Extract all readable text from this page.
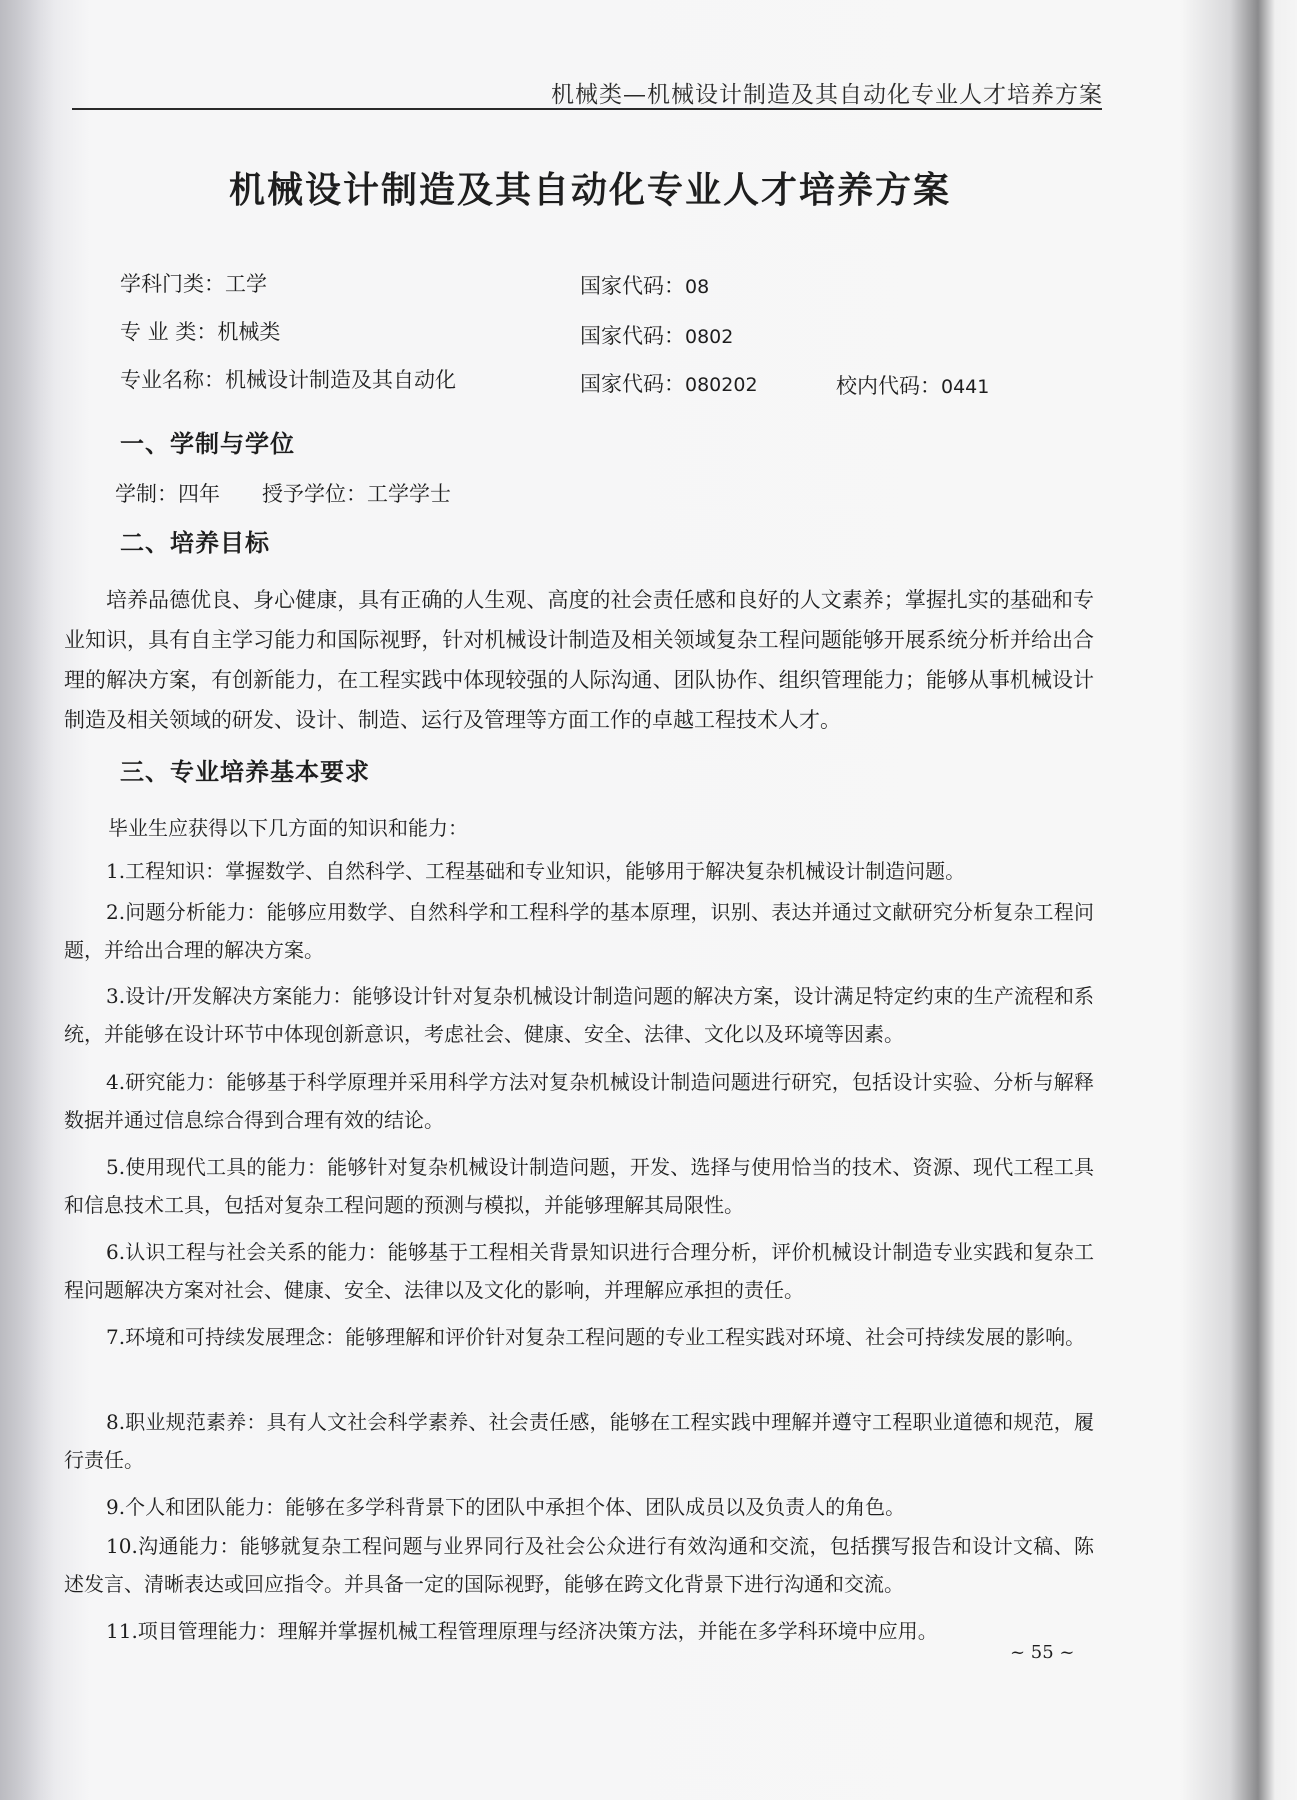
机械类—机械设计制造及其自动化专业人才培养方案
机械设计制造及其自动化专业人才培养方案
学科门类：工学	国家代码：08
专 业 类：机械类	国家代码：0802
专业名称：机械设计制造及其自动化	国家代码：080202	校内代码：0441
一、学制与学位
学制：四年　　授予学位：工学学士
二、培养目标

培养品德优良、身心健康，具有正确的人生观、高度的社会责任感和良好的人文素养；掌握扎实的基础和专业知识，具有自主学习能力和国际视野，针对机械设计制造及相关领域复杂工程问题能够开展系统分析并给出合理的解决方案，有创新能力，在工程实践中体现较强的人际沟通、团队协作、组织管理能力；能够从事机械设计制造及相关领域的研发、设计、制造、运行及管理等方面工作的卓越工程技术人才。

三、专业培养基本要求
毕业生应获得以下几方面的知识和能力：

1.工程知识：掌握数学、自然科学、工程基础和专业知识，能够用于解决复杂机械设计制造问题。

2.问题分析能力：能够应用数学、自然科学和工程科学的基本原理，识别、表达并通过文献研究分析复杂工程问题，并给出合理的解决方案。

3.设计/开发解决方案能力：能够设计针对复杂机械设计制造问题的解决方案，设计满足特定约束的生产流程和系统，并能够在设计环节中体现创新意识，考虑社会、健康、安全、法律、文化以及环境等因素。

4.研究能力：能够基于科学原理并采用科学方法对复杂机械设计制造问题进行研究，包括设计实验、分析与解释数据并通过信息综合得到合理有效的结论。

5.使用现代工具的能力：能够针对复杂机械设计制造问题，开发、选择与使用恰当的技术、资源、现代工程工具和信息技术工具，包括对复杂工程问题的预测与模拟，并能够理解其局限性。

6.认识工程与社会关系的能力：能够基于工程相关背景知识进行合理分析，评价机械设计制造专业实践和复杂工程问题解决方案对社会、健康、安全、法律以及文化的影响，并理解应承担的责任。

7.环境和可持续发展理念：能够理解和评价针对复杂工程问题的专业工程实践对环境、社会可持续发展的影响。

8.职业规范素养：具有人文社会科学素养、社会责任感，能够在工程实践中理解并遵守工程职业道德和规范，履行责任。

9.个人和团队能力：能够在多学科背景下的团队中承担个体、团队成员以及负责人的角色。

10.沟通能力：能够就复杂工程问题与业界同行及社会公众进行有效沟通和交流，包括撰写报告和设计文稿、陈述发言、清晰表达或回应指令。并具备一定的国际视野，能够在跨文化背景下进行沟通和交流。

11.项目管理能力：理解并掌握机械工程管理原理与经济决策方法，并能在多学科环境中应用。

~ 55 ~
